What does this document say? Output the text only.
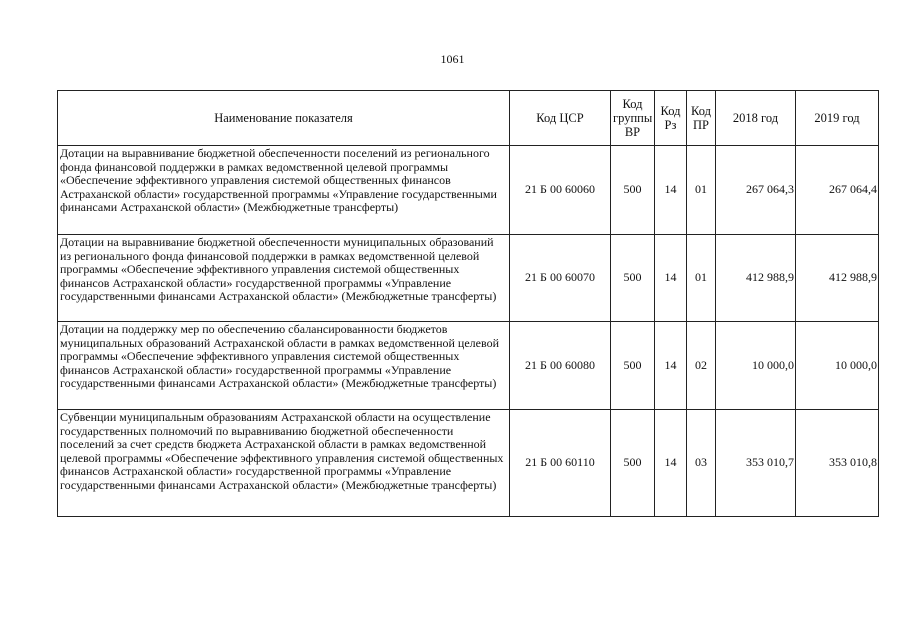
1061
Наименование показателя	Код ЦСР	Код группы ВР	Код Рз	Код ПР	2018 год	2019 год
Дотации на выравнивание бюджетной обеспеченности поселений из регионального фонда финансовой поддержки в рамках ведомственной целевой программы «Обеспечение эффективного управления системой общественных финансов Астраханской области» государственной программы «Управление государственными финансами Астраханской области» (Межбюджетные трансферты)	21 Б 00 60060	500	14	01	267 064,3	267 064,4
Дотации на выравнивание бюджетной обеспеченности муниципальных образований из регионального фонда финансовой поддержки в рамках ведомственной целевой программы «Обеспечение эффективного управления системой общественных финансов Астраханской области» государственной программы «Управление государственными финансами Астраханской области» (Межбюджетные трансферты)	21 Б 00 60070	500	14	01	412 988,9	412 988,9
Дотации на поддержку мер по обеспечению сбалансированности бюджетов муниципальных образований Астраханской области в рамках ведомственной целевой программы «Обеспечение эффективного управления системой общественных финансов Астраханской области» государственной программы «Управление государственными финансами Астраханской области» (Межбюджетные трансферты)	21 Б 00 60080	500	14	02	10 000,0	10 000,0
Субвенции муниципальным образованиям Астраханской области на осуществление государственных полномочий по выравниванию бюджетной обеспеченности поселений за счет средств бюджета Астраханской области в рамках ведомственной целевой программы «Обеспечение эффективного управления системой общественных финансов Астраханской области» государственной программы «Управление государственными финансами Астраханской области» (Межбюджетные трансферты)	21 Б 00 60110	500	14	03	353 010,7	353 010,8
